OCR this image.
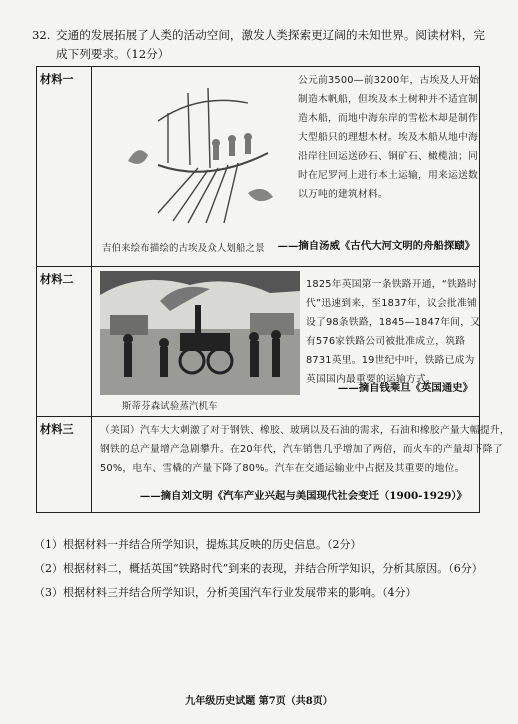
32. 交通的发展拓展了人类的活动空间，激发人类探索更辽阔的未知世界。阅读材料，完成下列要求。（12分）
材料一	公元前3500—前3200年，古埃及人开始制造木帆船，但埃及本土树种并不适宜制造木船，而地中海东岸的雪松木却是制作大型船只的理想木材。埃及木船从地中海沿岸往回运送砂石、铜矿石、橄榄油；同时在尼罗河上进行本土运输，用来运送数以万吨的建筑材料。
吉伯来绘布描绘的古埃及众人划船之景 ——摘自汤威《古代大河文明的舟船探赜》

材料二	1825年英国第一条铁路开通，“铁路时代”迅速到来，至1837年，议会批准铺设了98条铁路，1845—1847年间，又有576家铁路公司被批准成立，筑路8731英里。19世纪中叶，铁路已成为英国国内最重要的运输方式。
斯蒂芬森试验蒸汽机车
——摘自钱乘旦《英国通史》

材料三	（美国）汽车大大刺激了对于钢铁、橡胶、玻璃以及石油的需求，石油和橡胶产量大幅提升，钢铁的总产量增产急剧攀升。在20年代，汽车销售几乎增加了两倍，而火车的产量却下降了50%，电车、雪橇的产量下降了80%。汽车在交通运输业中占据及其重要的地位。
——摘自刘文明《汽车产业兴起与美国现代社会变迁（1900-1929）》
（1）根据材料一并结合所学知识，提炼其反映的历史信息。（2分）
（2）根据材料二，概括英国“铁路时代”到来的表现，并结合所学知识，分析其原因。（6分）
（3）根据材料三并结合所学知识，分析美国汽车行业发展带来的影响。（4分）
九年级历史试题 第7页（共8页）
